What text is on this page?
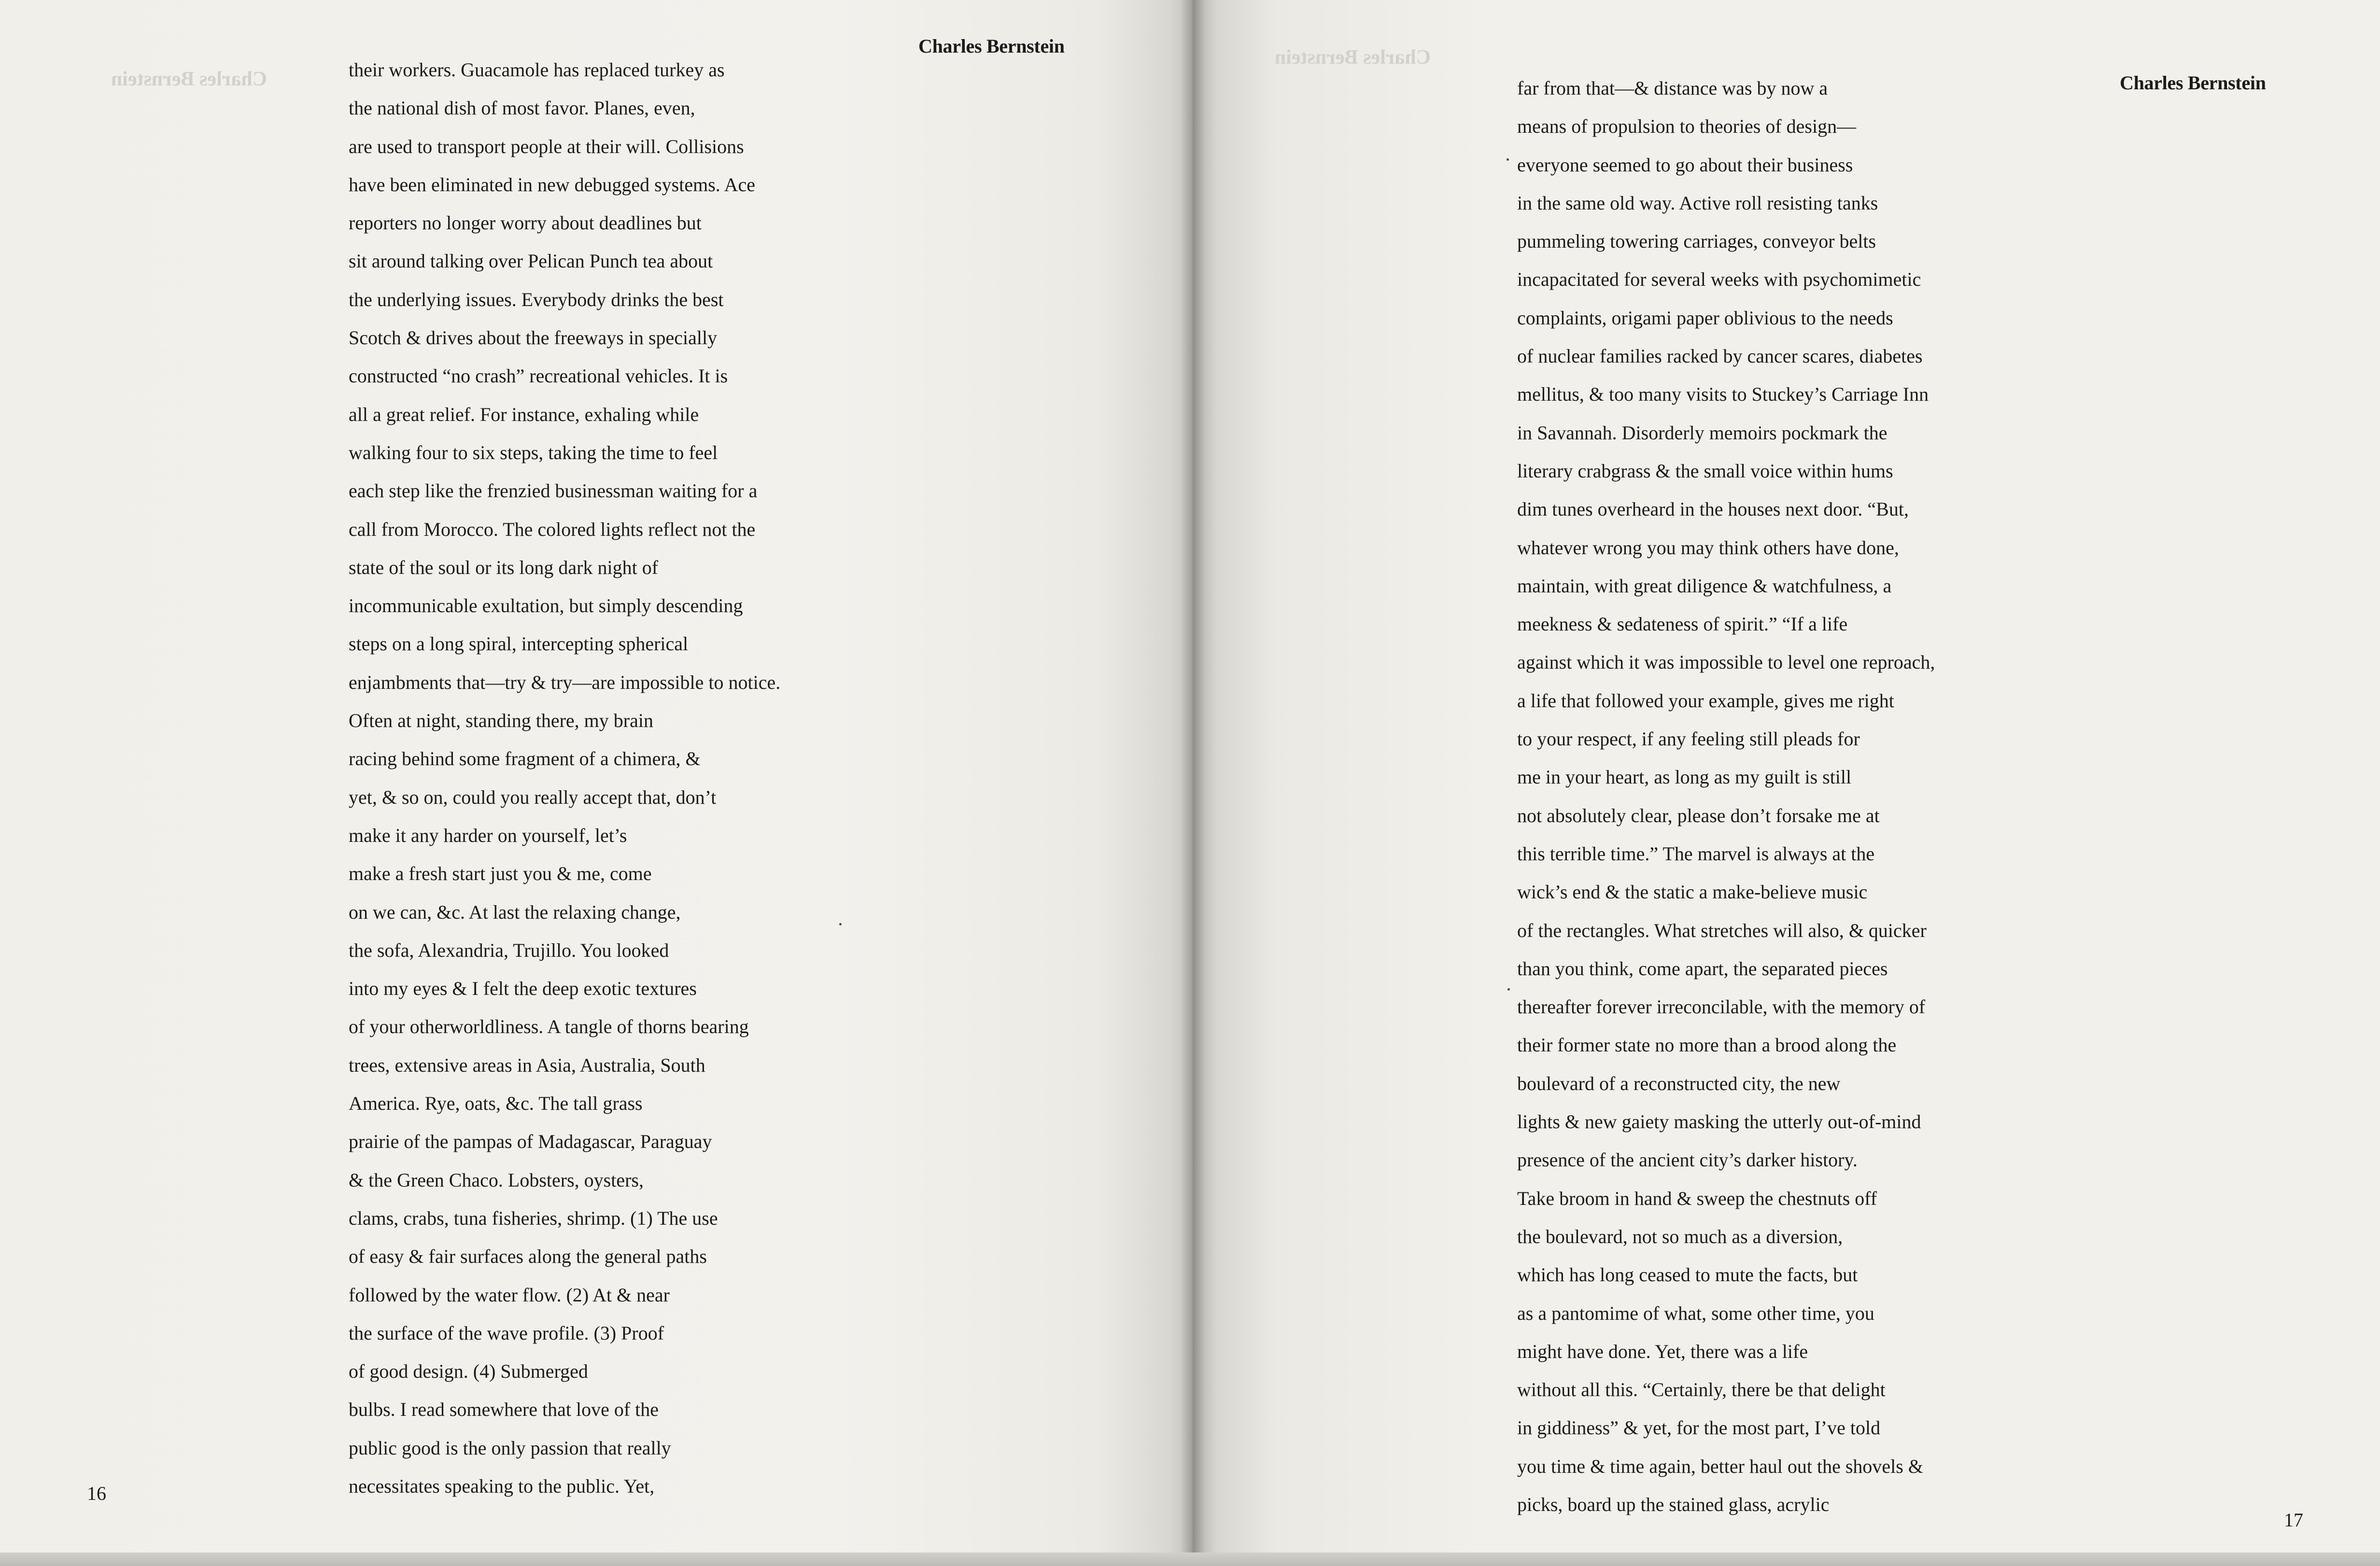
Charles Bernstein

Charles Bernstein
their workers. Guacamole has replaced turkey as
the national dish of most favor. Planes, even,
are used to transport people at their will. Collisions
have been eliminated in new debugged systems. Ace
reporters no longer worry about deadlines but
sit around talking over Pelican Punch tea about
the underlying issues. Everybody drinks the best
Scotch & drives about the freeways in specially
constructed “no crash” recreational vehicles. It is
all a great relief. For instance, exhaling while
walking four to six steps, taking the time to feel
each step like the frenzied businessman waiting for a
call from Morocco. The colored lights reflect not the
state of the soul or its long dark night of
incommunicable exultation, but simply descending
steps on a long spiral, intercepting spherical
enjambments that—try & try—are impossible to notice.
Often at night, standing there, my brain
racing behind some fragment of a chimera, &
yet, & so on, could you really accept that, don’t
make it any harder on yourself, let’s
make a fresh start just you & me, come
on we can, &c. At last the relaxing change,
the sofa, Alexandria, Trujillo. You looked
into my eyes & I felt the deep exotic textures
of your otherworldliness. A tangle of thorns bearing
trees, extensive areas in Asia, Australia, South
America. Rye, oats, &c. The tall grass
prairie of the pampas of Madagascar, Paraguay
& the Green Chaco. Lobsters, oysters,
clams, crabs, tuna fisheries, shrimp. (1) The use
of easy & fair surfaces along the general paths
followed by the water flow. (2) At & near
the surface of the wave profile. (3) Proof
of good design. (4) Submerged
bulbs. I read somewhere that love of the
public good is the only passion that really
necessitates speaking to the public. Yet,
16
Charles Bernstein
Charles Bernstein
17
far from that—& distance was by now a
means of propulsion to theories of design—
everyone seemed to go about their business
in the same old way. Active roll resisting tanks
pummeling towering carriages, conveyor belts
incapacitated for several weeks with psychomimetic
complaints, origami paper oblivious to the needs
of nuclear families racked by cancer scares, diabetes
mellitus, & too many visits to Stuckey’s Carriage Inn
in Savannah. Disorderly memoirs pockmark the
literary crabgrass & the small voice within hums
dim tunes overheard in the houses next door. “But,
whatever wrong you may think others have done,
maintain, with great diligence & watchfulness, a
meekness & sedateness of spirit.” “If a life
against which it was impossible to level one reproach,
a life that followed your example, gives me right
to your respect, if any feeling still pleads for
me in your heart, as long as my guilt is still
not absolutely clear, please don’t forsake me at
this terrible time.” The marvel is always at the
wick’s end & the static a make-believe music
of the rectangles. What stretches will also, & quicker
than you think, come apart, the separated pieces
thereafter forever irreconcilable, with the memory of
their former state no more than a brood along the
boulevard of a reconstructed city, the new
lights & new gaiety masking the utterly out-of-mind
presence of the ancient city’s darker history.
Take broom in hand & sweep the chestnuts off
the boulevard, not so much as a diversion,
which has long ceased to mute the facts, but
as a pantomime of what, some other time, you
might have done. Yet, there was a life
without all this. “Certainly, there be that delight
in giddiness” & yet, for the most part, I’ve told
you time & time again, better haul out the shovels &
picks, board up the stained glass, acrylic
